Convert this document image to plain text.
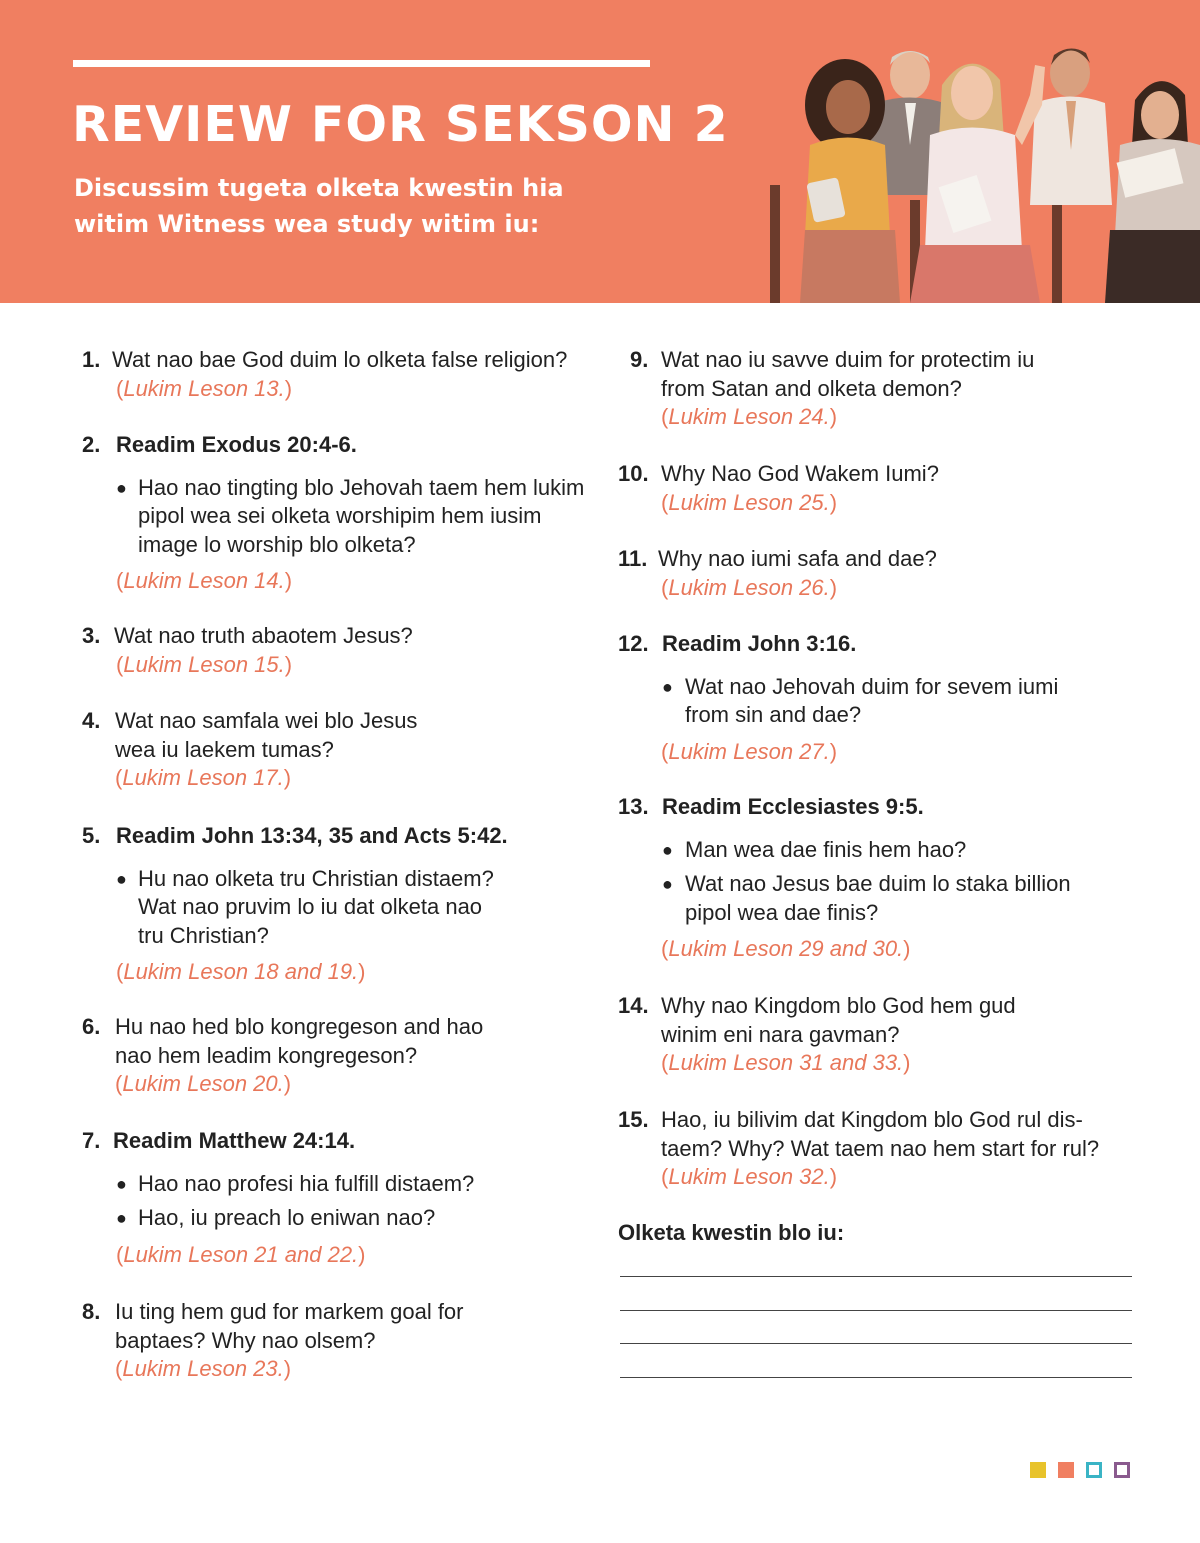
REVIEW FOR SEKSON 2

Discussim tugeta olketa kwestin hia witim Witness wea study witim iu:

1. Wat nao bae God duim lo olketa false religion?
(Lukim Leson 13.)
2. Readim Exodus 20:4-6.
● Hao nao tingting blo Jehovah taem hem lukim pipol wea sei olketa worshipim hem iusim image lo worship blo olketa?
(Lukim Leson 14.)
3. Wat nao truth abaotem Jesus?
(Lukim Leson 15.)
4. Wat nao samfala wei blo Jesus wea iu laekem tumas?
(Lukim Leson 17.)
5. Readim John 13:34, 35 and Acts 5:42.
● Hu nao olketa tru Christian distaem? Wat nao pruvim lo iu dat olketa nao tru Christian?
(Lukim Leson 18 and 19.)
6. Hu nao hed blo kongregeson and hao nao hem leadim kongregeson?
(Lukim Leson 20.)
7. Readim Matthew 24:14.
● Hao nao profesi hia fulfill distaem?
● Hao, iu preach lo eniwan nao?
(Lukim Leson 21 and 22.)
8. Iu ting hem gud for markem goal for baptaes? Why nao olsem?
(Lukim Leson 23.)
9. Wat nao iu savve duim for protectim iu from Satan and olketa demon?
(Lukim Leson 24.)
10. Why Nao God Wakem Iumi?
(Lukim Leson 25.)
11. Why nao iumi safa and dae?
(Lukim Leson 26.)
12. Readim John 3:16.
● Wat nao Jehovah duim for sevem iumi from sin and dae?
(Lukim Leson 27.)
13. Readim Ecclesiastes 9:5.
● Man wea dae finis hem hao?
● Wat nao Jesus bae duim lo staka billion pipol wea dae finis?
(Lukim Leson 29 and 30.)
14. Why nao Kingdom blo God hem gud winim eni nara gavman?
(Lukim Leson 31 and 33.)
15. Hao, iu bilivim dat Kingdom blo God rul dis-taem? Why? Wat taem nao hem start for rul?
(Lukim Leson 32.)
Olketa kwestin blo iu:
